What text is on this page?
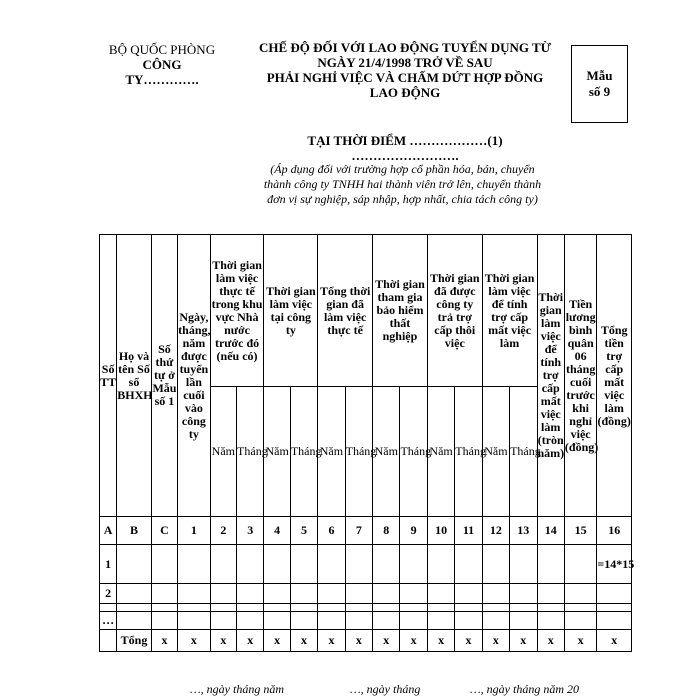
BỘ QUỐC PHÒNG
CÔNG
TY………….
CHẾ ĐỘ ĐỐI VỚI LAO ĐỘNG TUYỂN DỤNG TỪ
NGÀY 21/4/1998 TRỞ VỀ SAU
PHẢI NGHỈ VIỆC VÀ CHẤM DỨT HỢP ĐỒNG
LAO ĐỘNG
Mẫu
số 9
TẠI THỜI ĐIỂM ………………(1)
…………………….
(Áp dụng đối với trường hợp cổ phần hóa, bán, chuyển
thành công ty TNHH hai thành viên trở lên, chuyển thành
đơn vị sự nghiệp, sáp nhập, hợp nhất, chia tách công ty)
Số TT	Họ và tên Số sổ BHXH	Số thứ tự ở Mẫu số 1	Ngày, tháng, năm được tuyển lần cuối vào công ty	Thời gian làm việc thực tế trong khu vực Nhà nước trước đó (nếu có)		Thời gian làm việc tại công ty		Tổng thời gian đã làm việc thực tế		Thời gian tham gia bảo hiểm thất nghiệp		Thời gian đã được công ty trả trợ cấp thôi việc		Thời gian làm việc để tính trợ cấp mất việc làm		Thời gian làm việc để tính trợ cấp mất việc làm (tròn năm)	Tiền lương bình quân 06 tháng cuối trước khi nghỉ việc (đồng)	Tổng tiền trợ cấp mất việc làm (đồng)
				Năm	Tháng	Năm	Tháng	Năm	Tháng	Năm	Tháng	Năm	Tháng	Năm	Tháng			
A	B	C	1	2	3	4	5	6	7	8	9	10	11	12	13	14	15	16
1																		=14*15
2																		

…																		
	Tổng	x	x	x	x	x	x	x	x	x	x	x	x	x	x	x	x	x
…, ngày tháng năm	…, ngày tháng	…, ngày tháng năm 20
